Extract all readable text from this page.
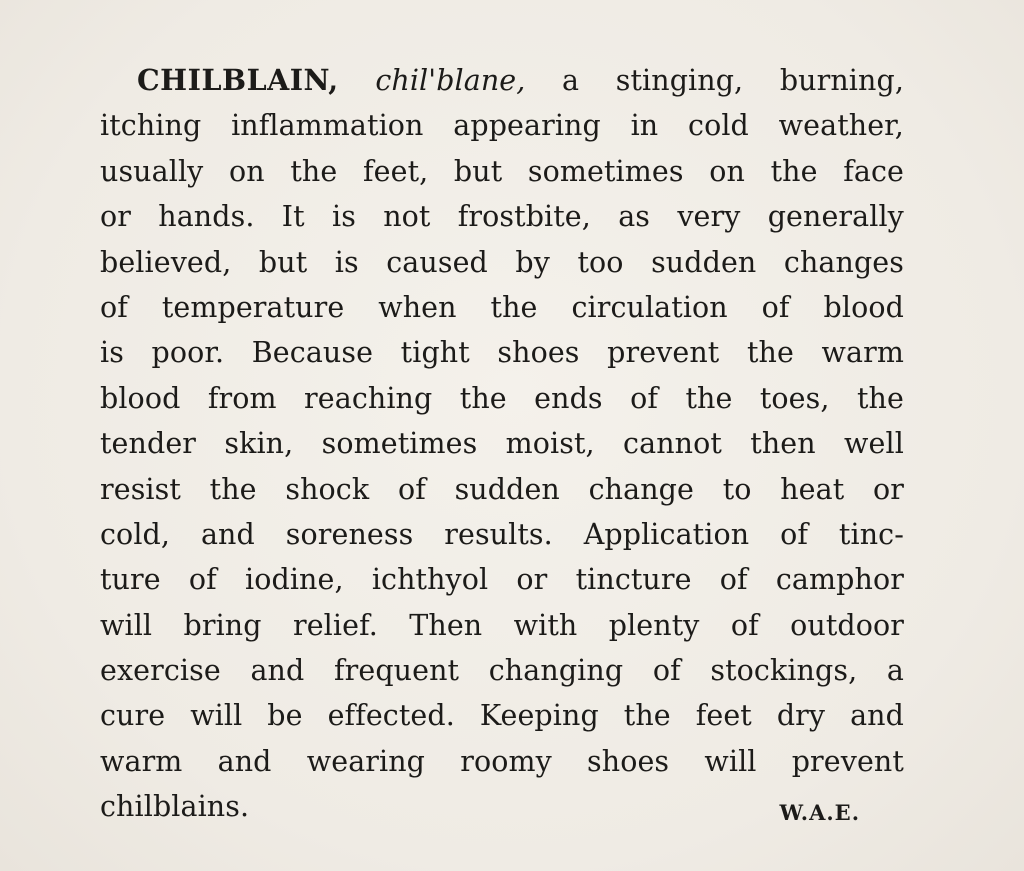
CHILBLAIN, chil'blane, a stinging, burning,
itching inflammation appearing in cold weather,
usually on the feet, but sometimes on the face
or hands. It is not frostbite, as very generally
believed, but is caused by too sudden changes
of temperature when the circulation of blood
is poor. Because tight shoes prevent the warm
blood from reaching the ends of the toes, the
tender skin, sometimes moist, cannot then well
resist the shock of sudden change to heat or
cold, and soreness results. Application of tinc-
ture of iodine, ichthyol or tincture of camphor
will bring relief. Then with plenty of outdoor
exercise and frequent changing of stockings, a
cure will be effected. Keeping the feet dry and
warm and wearing roomy shoes will prevent
chilblains.	W.A.E.
